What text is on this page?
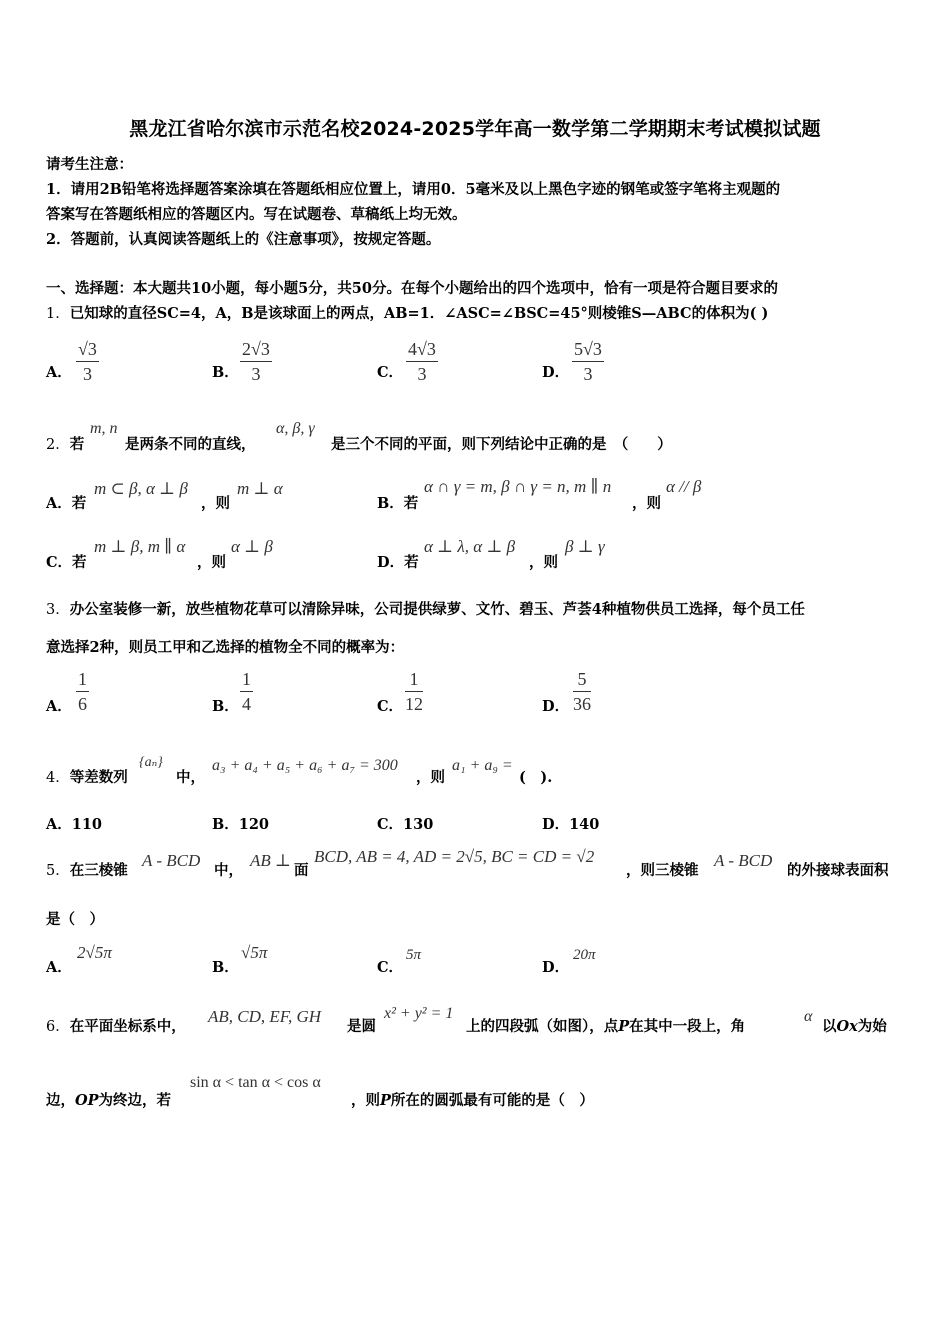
黑龙江省哈尔滨市示范名校2024-2025学年高一数学第二学期期末考试模拟试题
请考生注意：
1．请用2B铅笔将选择题答案涂填在答题纸相应位置上，请用0．5毫米及以上黑色字迹的钢笔或签字笔将主观题的
答案写在答题纸相应的答题区内。写在试题卷、草稿纸上均无效。
2．答题前，认真阅读答题纸上的《注意事项》，按规定答题。
一、选择题：本大题共10小题，每小题5分，共50分。在每个小题给出的四个选项中，恰有一项是符合题目要求的
1．已知球的直径SC=4，A，B是该球面上的两点，AB=1．∠ASC=∠BSC=45°则棱锥S—ABC的体积为( )
A． $\frac{√3}{3}$	B． $\frac{2√3}{3}$	C． $\frac{4√3}{3}$	D． $\frac{5√3}{3}$
2．若
m, n
是两条不同的直线，
α, β, γ
是三个不同的平面，则下列结论中正确的是　（　　）
A．若
m ⊂ β, α ⊥ β
，则
m ⊥ α
B．若
α ∩ γ = m, β ∩ γ = n, m ∥ n
，则
α // β
C．若
m ⊥ β, m ∥ α
，则
α ⊥ β
D．若
α ⊥ λ, α ⊥ β
，则
β ⊥ γ
3．办公室装修一新，放些植物花草可以清除异味，公司提供绿萝、文竹、碧玉、芦荟4种植物供员工选择，每个员工任
意选择2种，则员工甲和乙选择的植物全不同的概率为：
A． $\frac{1}{6}$	B． $\frac{1}{4}$	C． $\frac{1}{12}$	D． $\frac{5}{36}$
4．等差数列
{aₙ}
中，
a₃ + a₄ + a₅ + a₆ + a₇ = 300
，则
a₁ + a₉ =
(　).
A．110	B．120	C．130	D．140
5．在三棱锥
A - BCD
中，
AB ⊥
面
BCD, AB = 4, AD = 2√5, BC = CD = √2
，则三棱锥
A - BCD
的外接球表面积
是（　）
A．
2√5π
B．
√5π
C．
5π
D．
20π
6．在平面坐标系中，
AB, CD, EF, GH
是圆
x² + y² = 1
上的四段弧（如图），点P在其中一段上，角
α
以Ox为始
边，OP为终边，若
sin α < tan α < cos α
，则P所在的圆弧最有可能的是（　）
